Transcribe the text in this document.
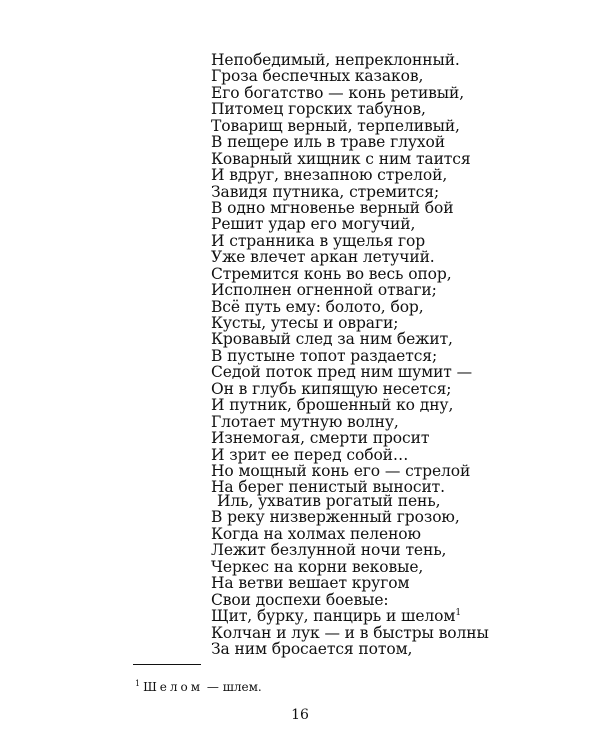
Непобедимый, непреклонный.
Гроза беспечных казаков,
Его богатство — конь ретивый,
Питомец горских табунов,
Товарищ верный, терпеливый,
В пещере иль в траве глухой
Коварный хищник с ним таится
И вдруг, внезапною стрелой,
Завидя путника, стремится;
В одно мгновенье верный бой
Решит удар его могучий,
И странника в ущелья гор
Уже влечет аркан летучий.
Стремится конь во весь опор,
Исполнен огненной отваги;
Всё путь ему: болото, бор,
Кусты, утесы и овраги;
Кровавый след за ним бежит,
В пустыне топот раздается;
Седой поток пред ним шумит —
Он в глубь кипящую несется;
И путник, брошенный ко дну,
Глотает мутную волну,
Изнемогая, смерти просит
И зрит ее перед собой…
Но мощный конь его — стрелой
На берег пенистый выносит.
Иль, ухватив рогатый пень,
В реку низверженный грозою,
Когда на холмах пеленою
Лежит безлунной ночи тень,
Черкес на корни вековые,
На ветви вешает кругом
Свои доспехи боевые:
Щит, бурку, панцирь и шелом$^1$
Колчан и лук — и в быстры волны
За ним бросается потом,
$^1$ Шелом — шлем.
16
